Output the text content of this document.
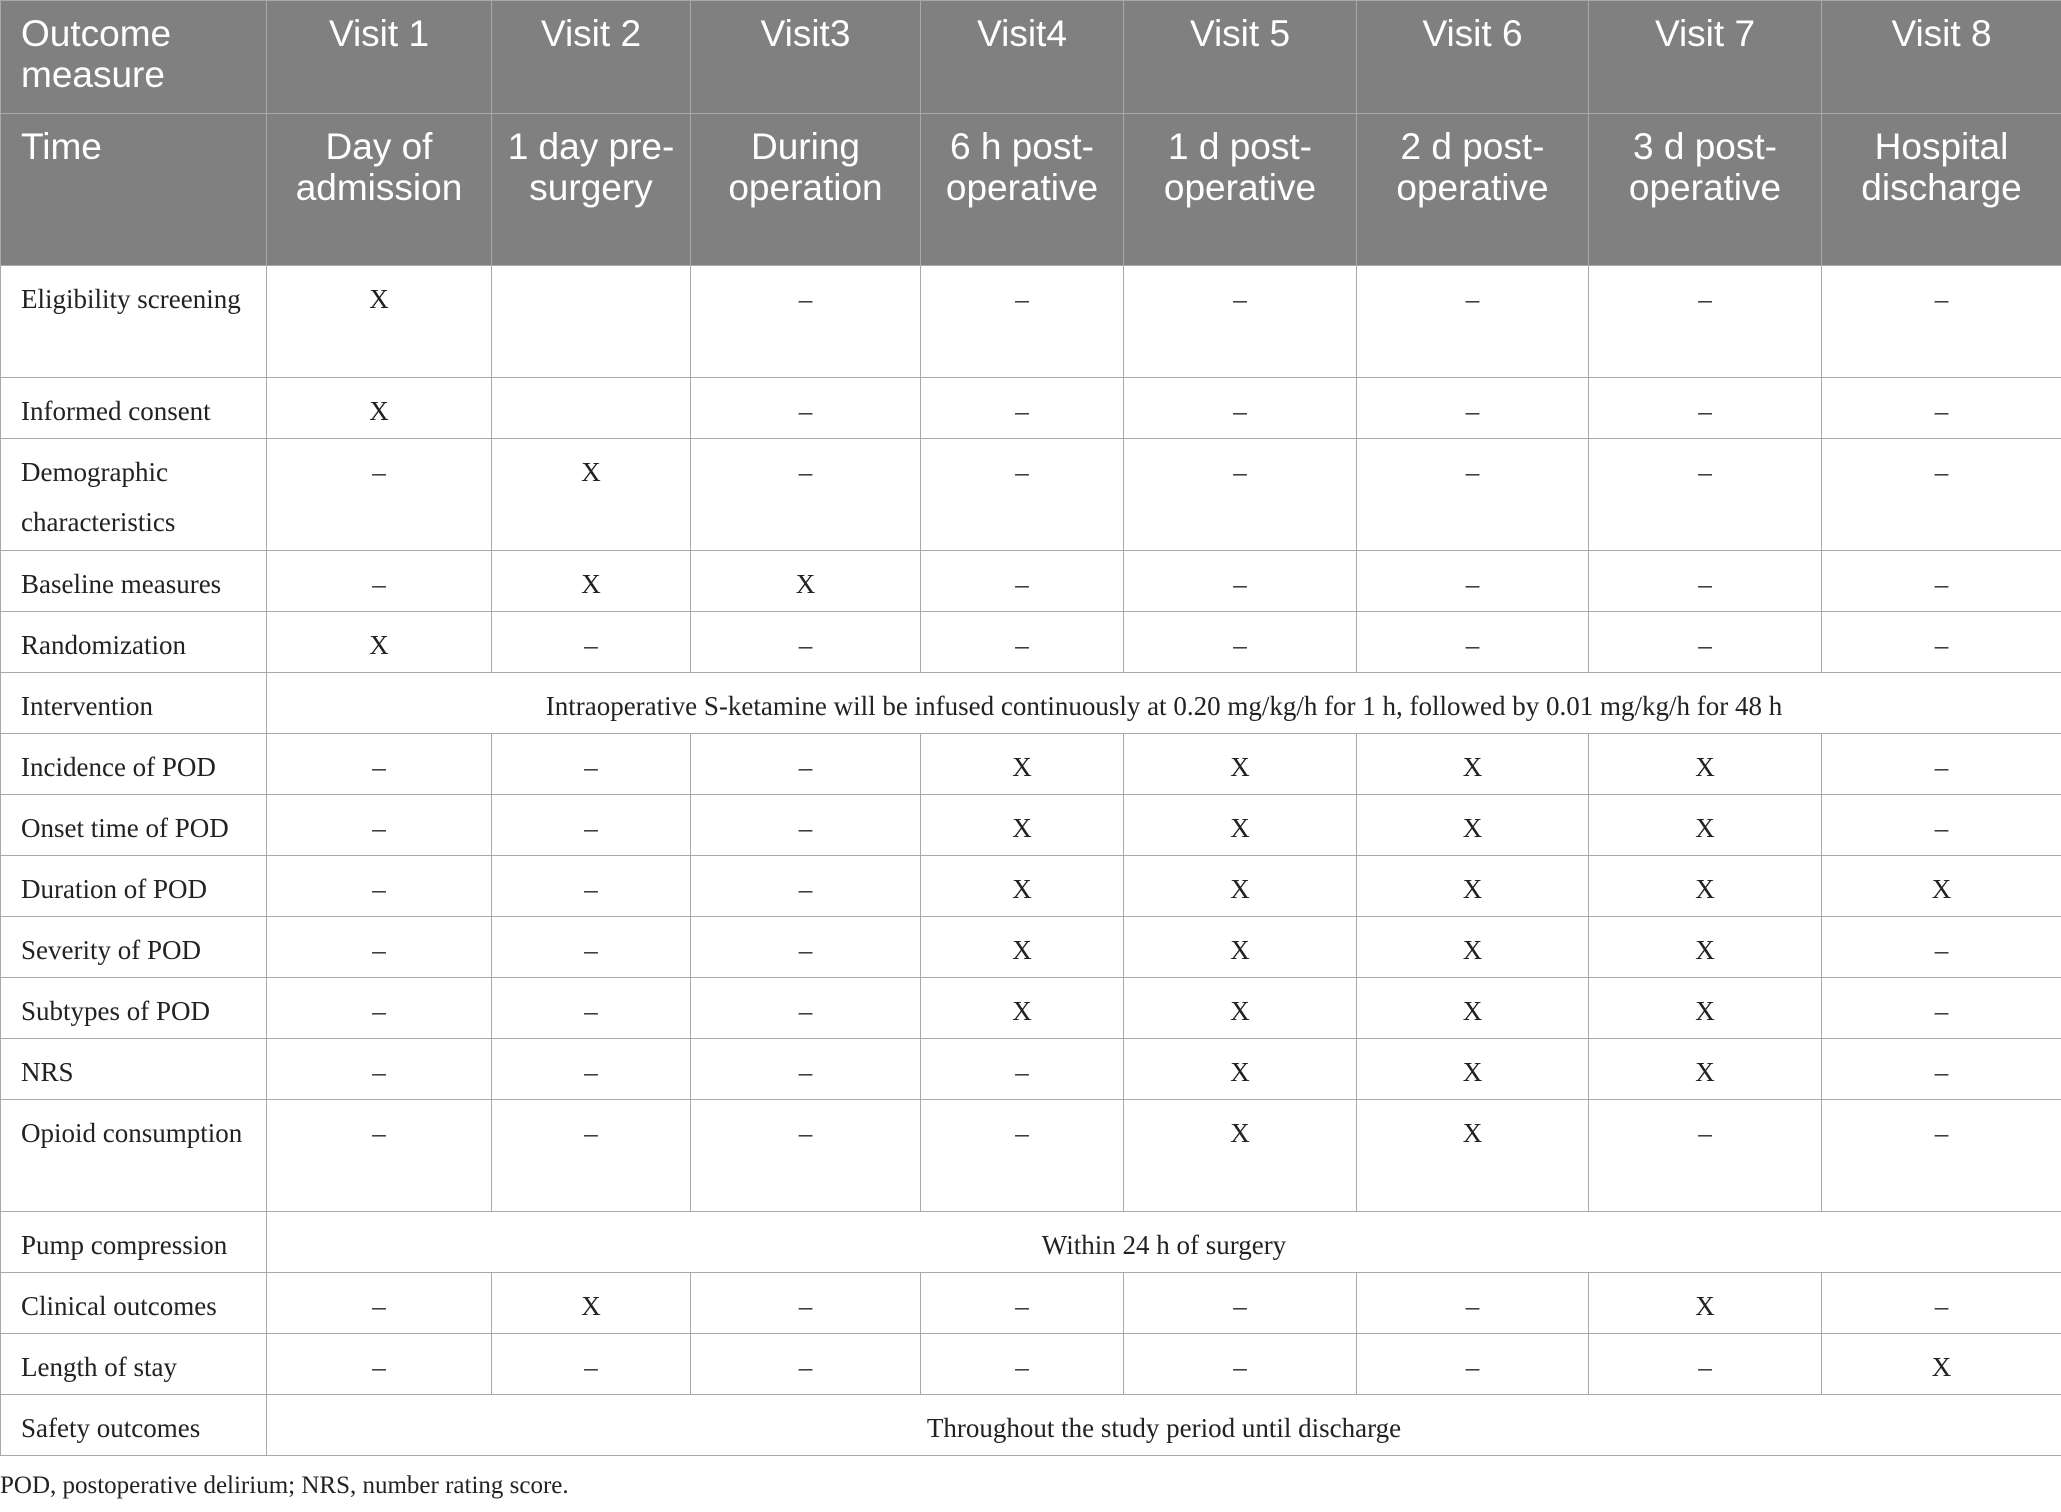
Outcome measure	Visit 1	Visit 2	Visit3	Visit4	Visit 5	Visit 6	Visit 7	Visit 8
Time	Day of admission	1 day pre-surgery	During operation	6 h post-operative	1 d post-operative	2 d post-operative	3 d post-operative	Hospital discharge
Eligibility screening	X		–	–	–	–	–	–
Informed consent	X		–	–	–	–	–	–
Demographic characteristics	–	X	–	–	–	–	–	–
Baseline measures	–	X	X	–	–	–	–	–
Randomization	X	–	–	–	–	–	–	–
Intervention	Intraoperative S-ketamine will be infused continuously at 0.20 mg/kg/h for 1 h, followed by 0.01 mg/kg/h for 48 h							
Incidence of POD	–	–	–	X	X	X	X	–
Onset time of POD	–	–	–	X	X	X	X	–
Duration of POD	–	–	–	X	X	X	X	X
Severity of POD	–	–	–	X	X	X	X	–
Subtypes of POD	–	–	–	X	X	X	X	–
NRS	–	–	–	–	X	X	X	–
Opioid consumption	–	–	–	–	X	X	–	–
Pump compression	Within 24 h of surgery							
Clinical outcomes	–	X	–	–	–	–	X	–
Length of stay	–	–	–	–	–	–	–	X
Safety outcomes	Throughout the study period until discharge							
POD, postoperative delirium; NRS, number rating score.
